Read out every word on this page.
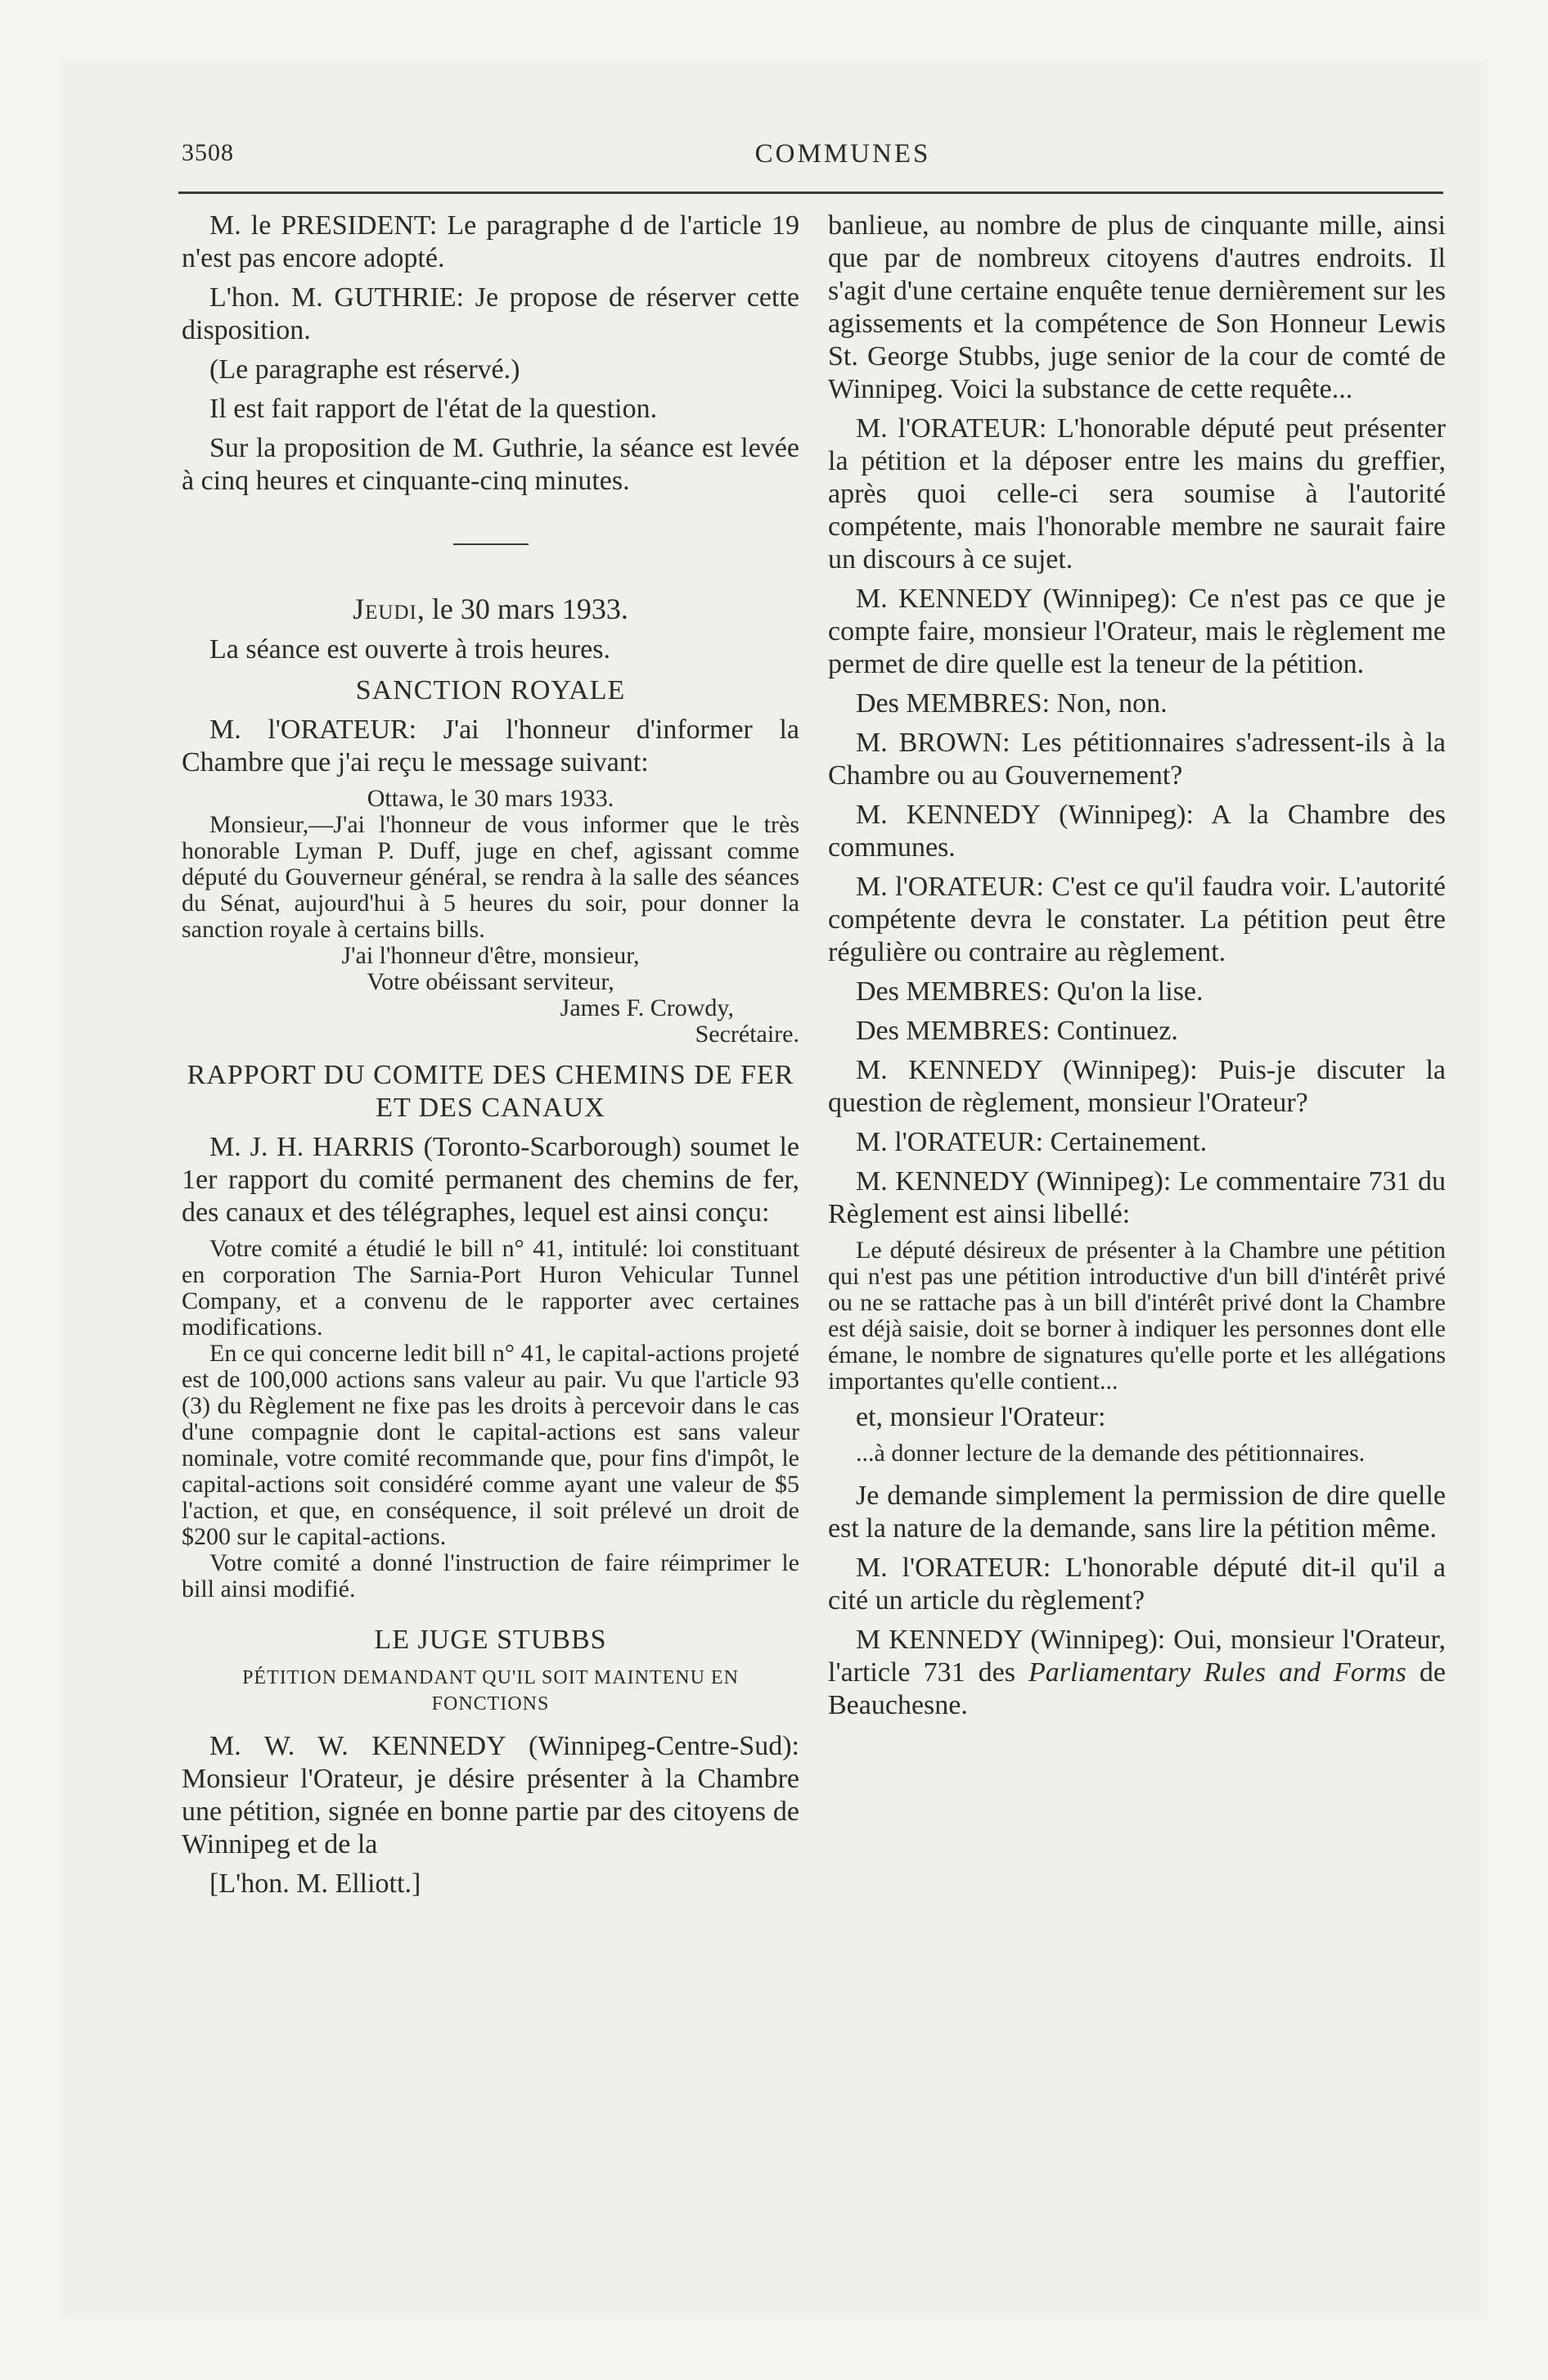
3508	COMMUNES

M. le PRESIDENT: Le paragraphe d de l'article 19 n'est pas encore adopté.

L'hon. M. GUTHRIE: Je propose de réserver cette disposition.

(Le paragraphe est réservé.)

Il est fait rapport de l'état de la question.

Sur la proposition de M. Guthrie, la séance est levée à cinq heures et cinquante-cinq minutes.

Jeudi, le 30 mars 1933.

La séance est ouverte à trois heures.

SANCTION ROYALE

M. l'ORATEUR: J'ai l'honneur d'informer la Chambre que j'ai reçu le message suivant:

Ottawa, le 30 mars 1933.

Monsieur,—J'ai l'honneur de vous informer que le très honorable Lyman P. Duff, juge en chef, agissant comme député du Gouverneur général, se rendra à la salle des séances du Sénat, aujourd'hui à 5 heures du soir, pour donner la sanction royale à certains bills.

J'ai l'honneur d'être, monsieur,

Votre obéissant serviteur,

James F. Crowdy,

Secrétaire.

RAPPORT DU COMITE DES CHEMINS DE FER ET DES CANAUX

M. J. H. HARRIS (Toronto-Scarborough) soumet le 1er rapport du comité permanent des chemins de fer, des canaux et des télégraphes, lequel est ainsi conçu:

Votre comité a étudié le bill n° 41, intitulé: loi constituant en corporation The Sarnia-Port Huron Vehicular Tunnel Company, et a convenu de le rapporter avec certaines modifications.

En ce qui concerne ledit bill n° 41, le capital-actions projeté est de 100,000 actions sans valeur au pair. Vu que l'article 93 (3) du Règlement ne fixe pas les droits à percevoir dans le cas d'une compagnie dont le capital-actions est sans valeur nominale, votre comité recommande que, pour fins d'impôt, le capital-actions soit considéré comme ayant une valeur de $5 l'action, et que, en conséquence, il soit prélevé un droit de $200 sur le capital-actions.

Votre comité a donné l'instruction de faire réimprimer le bill ainsi modifié.

LE JUGE STUBBS
PÉTITION DEMANDANT QU'IL SOIT MAINTENU EN FONCTIONS

M. W. W. KENNEDY (Winnipeg-Centre-Sud): Monsieur l'Orateur, je désire présenter à la Chambre une pétition, signée en bonne partie par des citoyens de Winnipeg et de la

[L'hon. M. Elliott.]

banlieue, au nombre de plus de cinquante mille, ainsi que par de nombreux citoyens d'autres endroits. Il s'agit d'une certaine enquête tenue dernièrement sur les agissements et la compétence de Son Honneur Lewis St. George Stubbs, juge senior de la cour de comté de Winnipeg. Voici la substance de cette requête...

M. l'ORATEUR: L'honorable député peut présenter la pétition et la déposer entre les mains du greffier, après quoi celle-ci sera soumise à l'autorité compétente, mais l'honorable membre ne saurait faire un discours à ce sujet.

M. KENNEDY (Winnipeg): Ce n'est pas ce que je compte faire, monsieur l'Orateur, mais le règlement me permet de dire quelle est la teneur de la pétition.

Des MEMBRES: Non, non.

M. BROWN: Les pétitionnaires s'adressent-ils à la Chambre ou au Gouvernement?

M. KENNEDY (Winnipeg): A la Chambre des communes.

M. l'ORATEUR: C'est ce qu'il faudra voir. L'autorité compétente devra le constater. La pétition peut être régulière ou contraire au règlement.

Des MEMBRES: Qu'on la lise.

Des MEMBRES: Continuez.

M. KENNEDY (Winnipeg): Puis-je discuter la question de règlement, monsieur l'Orateur?

M. l'ORATEUR: Certainement.

M. KENNEDY (Winnipeg): Le commentaire 731 du Règlement est ainsi libellé:

Le député désireux de présenter à la Chambre une pétition qui n'est pas une pétition introductive d'un bill d'intérêt privé ou ne se rattache pas à un bill d'intérêt privé dont la Chambre est déjà saisie, doit se borner à indiquer les personnes dont elle émane, le nombre de signatures qu'elle porte et les allégations importantes qu'elle contient...

et, monsieur l'Orateur:

...à donner lecture de la demande des pétitionnaires.

Je demande simplement la permission de dire quelle est la nature de la demande, sans lire la pétition même.

M. l'ORATEUR: L'honorable député dit-il qu'il a cité un article du règlement?

M KENNEDY (Winnipeg): Oui, monsieur l'Orateur, l'article 731 des Parliamentary Rules and Forms de Beauchesne.
